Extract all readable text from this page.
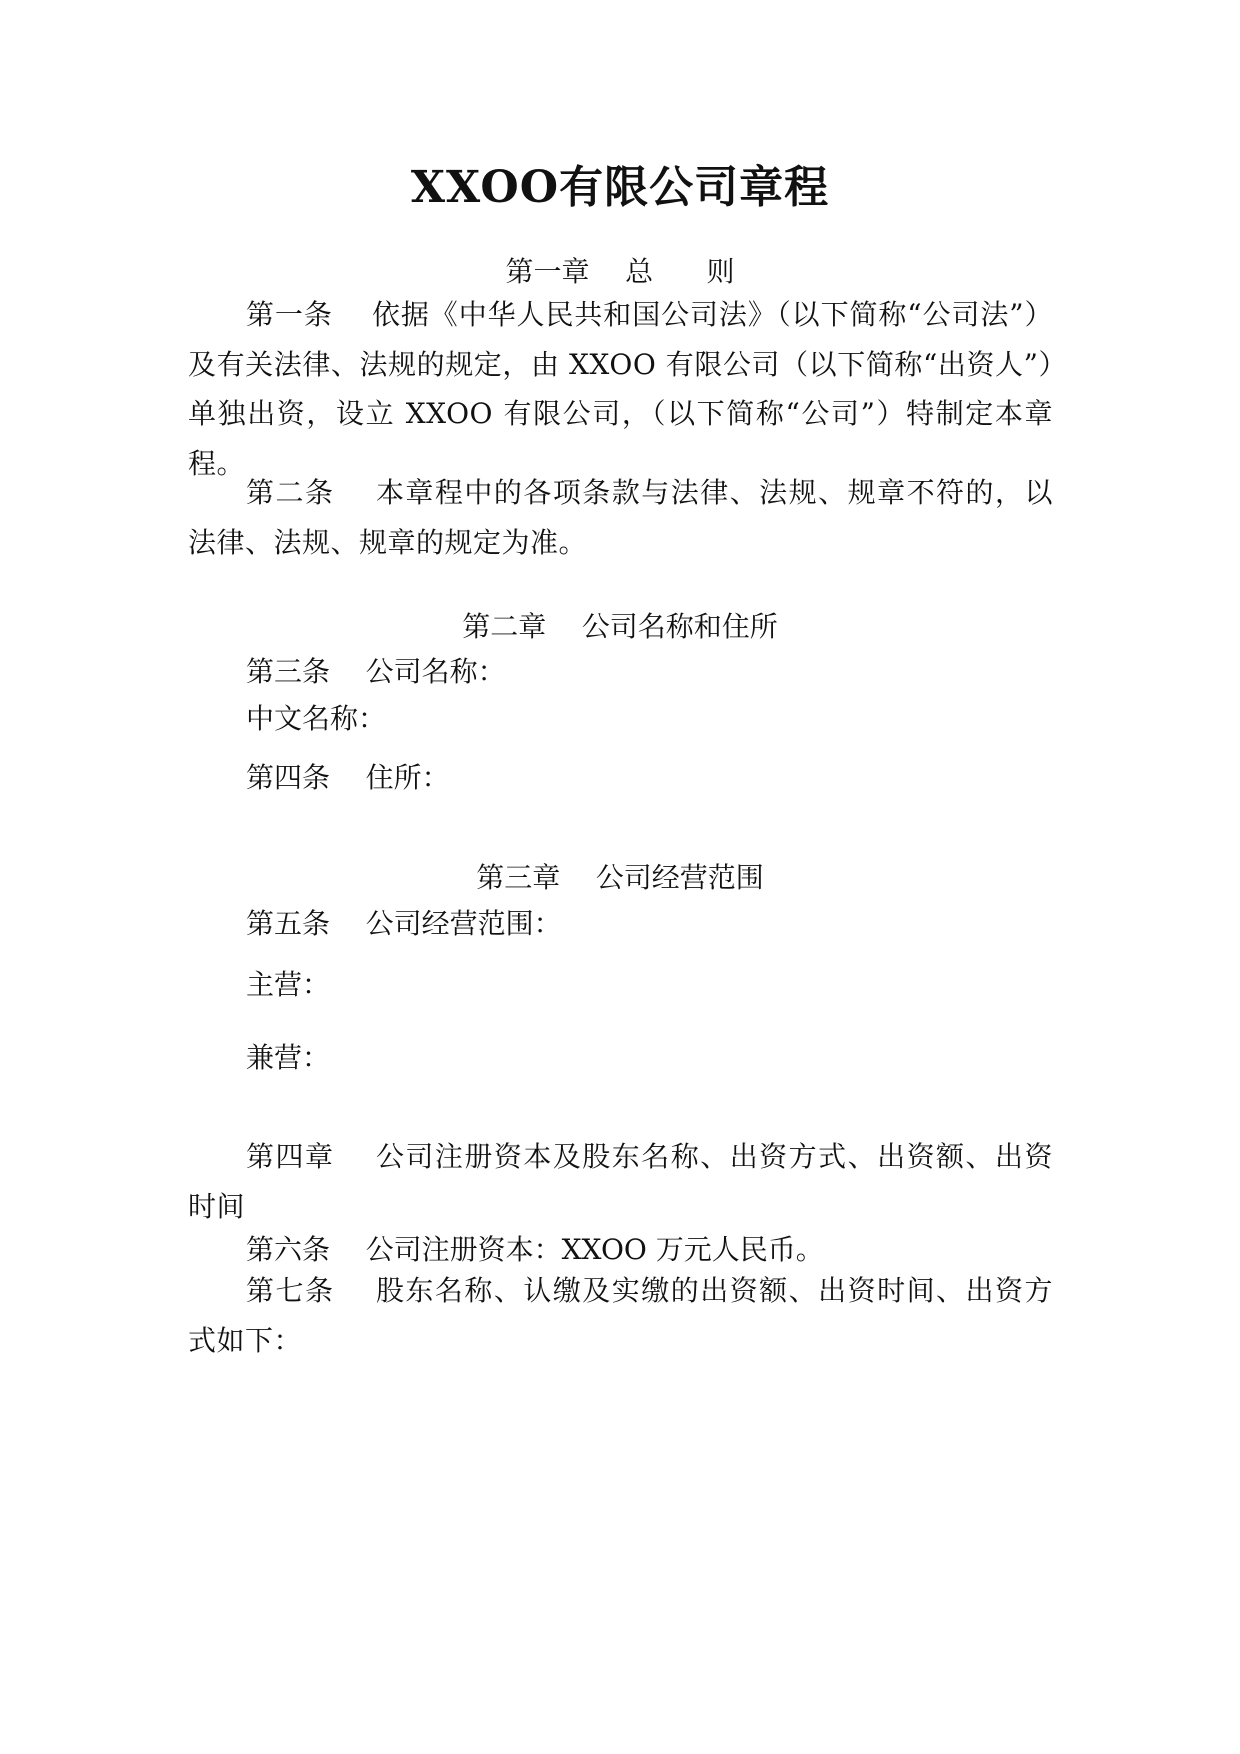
XXOO有限公司章程

第一章    总      则

第一条    依据《中华人民共和国公司法》（以下简称“公司法”）及有关法律、法规的规定，由 XXOO 有限公司（以下简称“出资人”）单独出资，设立 XXOO 有限公司，（以下简称“公司”）特制定本章程。

第二条    本章程中的各项条款与法律、法规、规章不符的，以法律、法规、规章的规定为准。

第二章    公司名称和住所

第三条    公司名称：

中文名称：

第四条    住所：

第三章    公司经营范围

第五条    公司经营范围：

主营：

兼营：

第四章    公司注册资本及股东名称、出资方式、出资额、出资时间

第六条    公司注册资本：XXOO 万元人民币。

第七条    股东名称、认缴及实缴的出资额、出资时间、出资方式如下：
